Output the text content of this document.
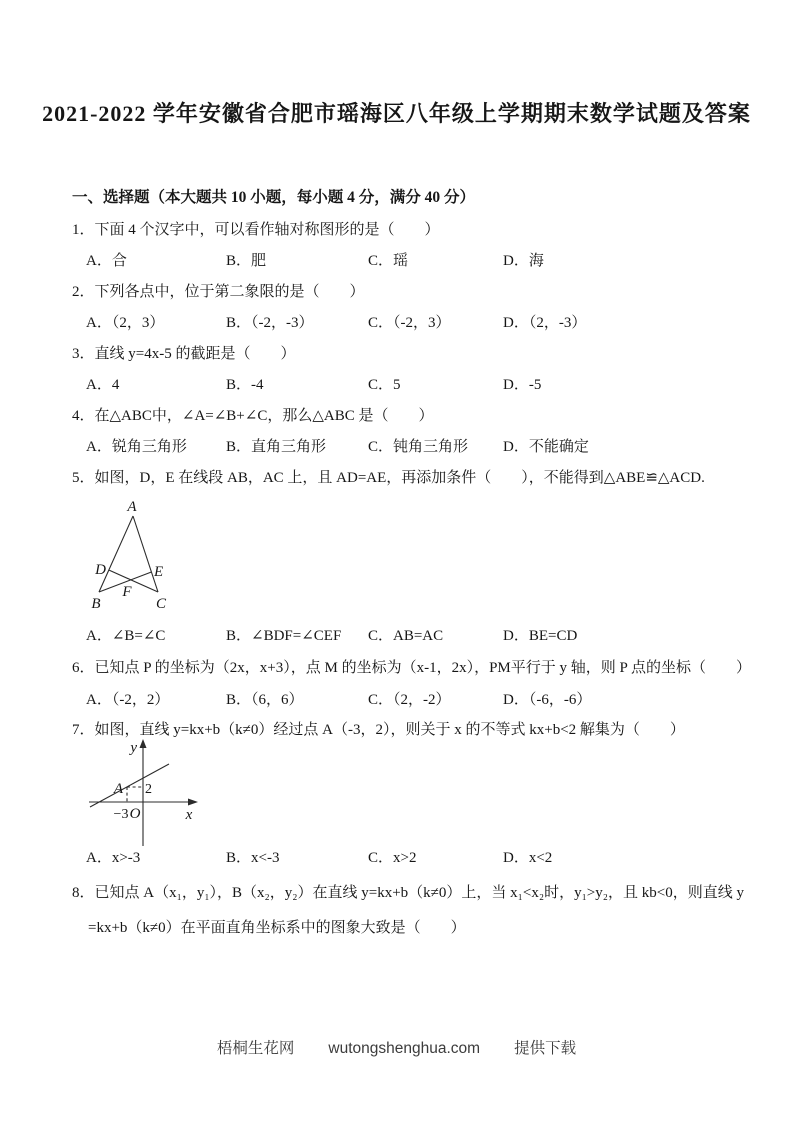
2021-2022 学年安徽省合肥市瑶海区八年级上学期期末数学试题及答案
一、选择题（本大题共 10 小题，每小题 4 分，满分 40 分）
1．下面 4 个汉字中，可以看作轴对称图形的是（　　）
A．合	B．肥	C．瑶	D．海
2．下列各点中，位于第二象限的是（　　）
A．（2，3）	B．（-2，-3）	C．（-2，3）	D．（2，-3）
3．直线 y=4x-5 的截距是（　　）
A．4	B．-4	C．5	D．-5
4．在△ABC中，∠A=∠B+∠C，那么△ABC 是（　　）
A．锐角三角形	B．直角三角形	C．钝角三角形	D．不能确定
5．如图，D，E 在线段 AB，AC 上，且 AD=AE，再添加条件（　　），不能得到△ABE≌△ACD.
A
B	C
D	E
F
A．∠B=∠C	B．∠BDF=∠CEF	C．AB=AC	D．BE=CD
6．已知点 P 的坐标为（2x，x+3），点 M 的坐标为（x-1，2x），PM平行于 y 轴，则 P 点的坐标（　　）
A．（-2，2）	B．（6，6）	C．（2，-2）	D．（-6，-6）
7．如图，直线 y=kx+b（k≠0）经过点 A（-3，2），则关于 x 的不等式 kx+b<2 解集为（　　）
y
x
O
A 2
−3
A．x>-3	B．x<-3	C．x>2	D．x<2
8．已知点 A（x₁，y₁），B（x₂，y₂）在直线 y=kx+b（k≠0）上，当 x₁<x₂时，y₁>y₂，且 kb<0，则直线 y
=kx+b（k≠0）在平面直角坐标系中的图象大致是（　　）
梧桐生花网 wutongshenghua.com 提供下载
